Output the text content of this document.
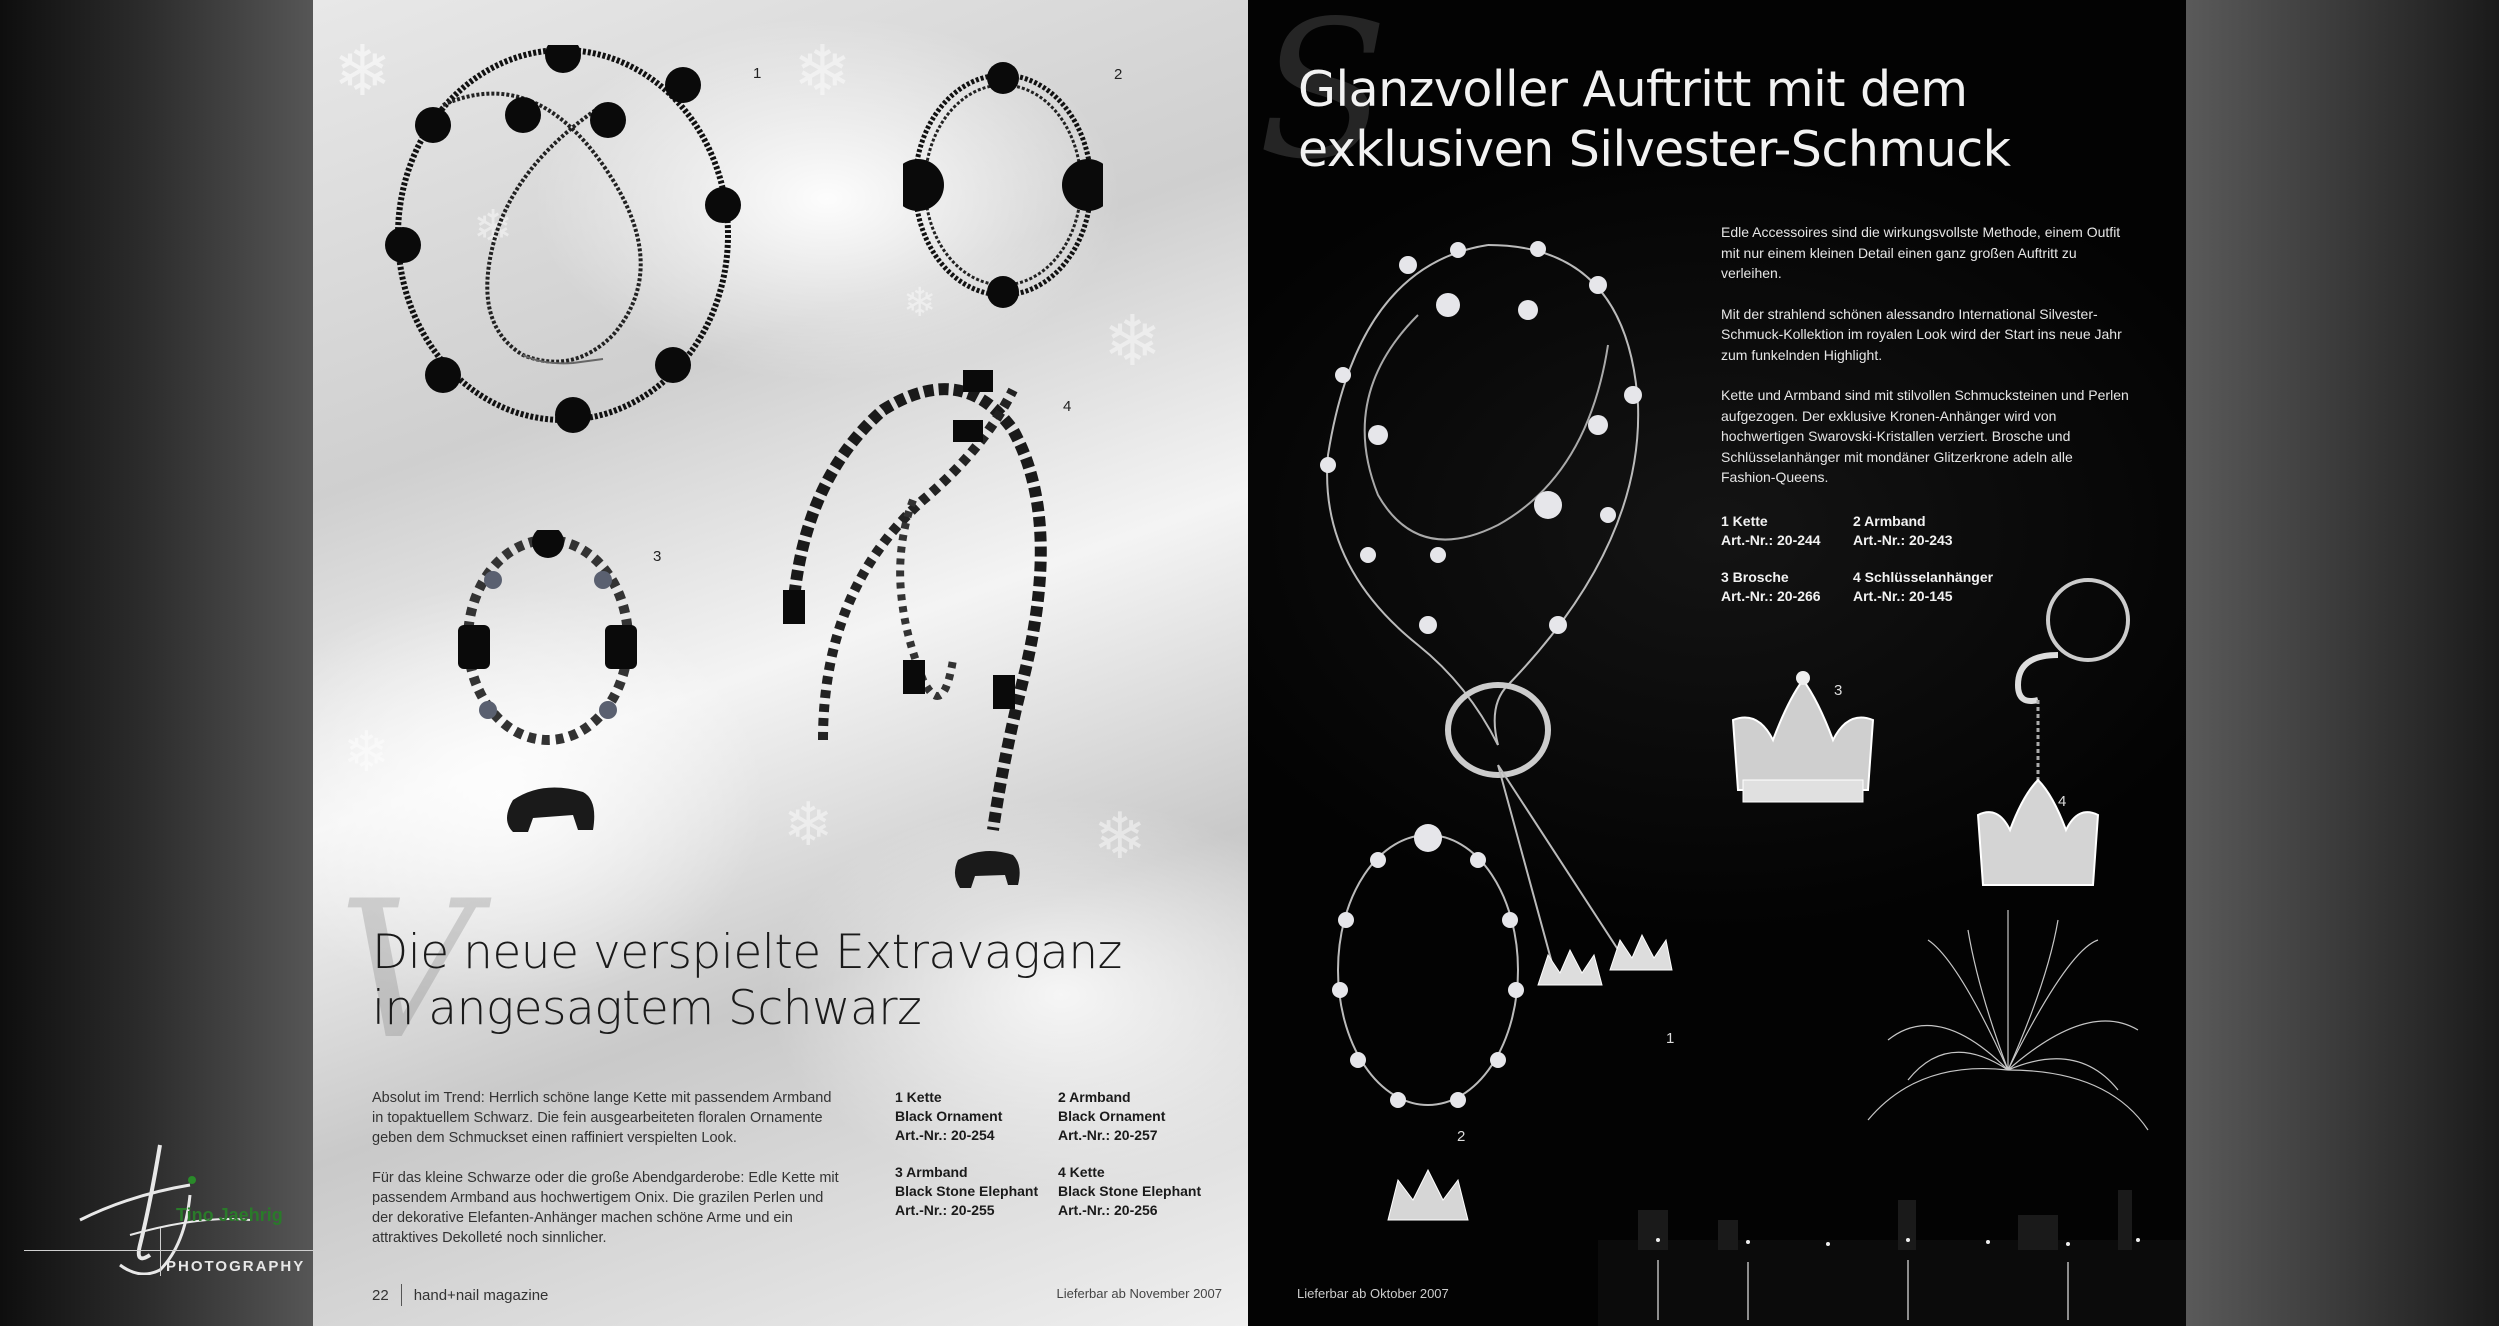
❄	❄
❄
❄
❄
❄	❄
❄
1	2
3
4
V
Die neue verspielte Extravaganz
in angesagtem Schwarz

Absolut im Trend: Herrlich schöne lange Kette mit passendem Armband in topaktuellem Schwarz. Die fein ausgearbeiteten floralen Ornamente geben dem Schmuckset einen raffiniert verspielten Look.

Für das kleine Schwarze oder die große Abendgarderobe: Edle Kette mit passendem Armband aus hochwertigem Onix. Die grazilen Perlen und der dekorative Elefanten-Anhänger machen schöne Arme und ein attraktives Dekolleté noch sinnlicher.

1 Kette
Black Ornament
Art.-Nr.: 20-254
2 Armband
Black Ornament
Art.-Nr.: 20-257
3 Armband
Black Stone Elephant
Art.-Nr.: 20-255
4 Kette
Black Stone Elephant
Art.-Nr.: 20-256
22 hand+nail magazine	Lieferbar ab November 2007
S
Glanzvoller Auftritt mit dem
exklusiven Silvester-Schmuck

Edle Accessoires sind die wirkungsvollste Methode, einem Outfit mit nur einem kleinen Detail einen ganz großen Auftritt zu verleihen.

Mit der strahlend schönen alessandro International Silvester-Schmuck-Kollektion im royalen Look wird der Start ins neue Jahr zum funkelnden Highlight.

Kette und Armband sind mit stilvollen Schmucksteinen und Perlen aufgezogen. Der exklusive Kronen-Anhänger wird von hochwertigen Swarovski-Kristallen verziert. Brosche und Schlüsselanhänger mit mondäner Glitzerkrone adeln alle Fashion-Queens.

1 Kette
Art.-Nr.: 20-244
2 Armband
Art.-Nr.: 20-243
3 Brosche
Art.-Nr.: 20-266
4 Schlüsselanhänger
Art.-Nr.: 20-145
1
2
3
4
Lieferbar ab Oktober 2007
Tino Jaehrig
PHOTOGRAPHY
